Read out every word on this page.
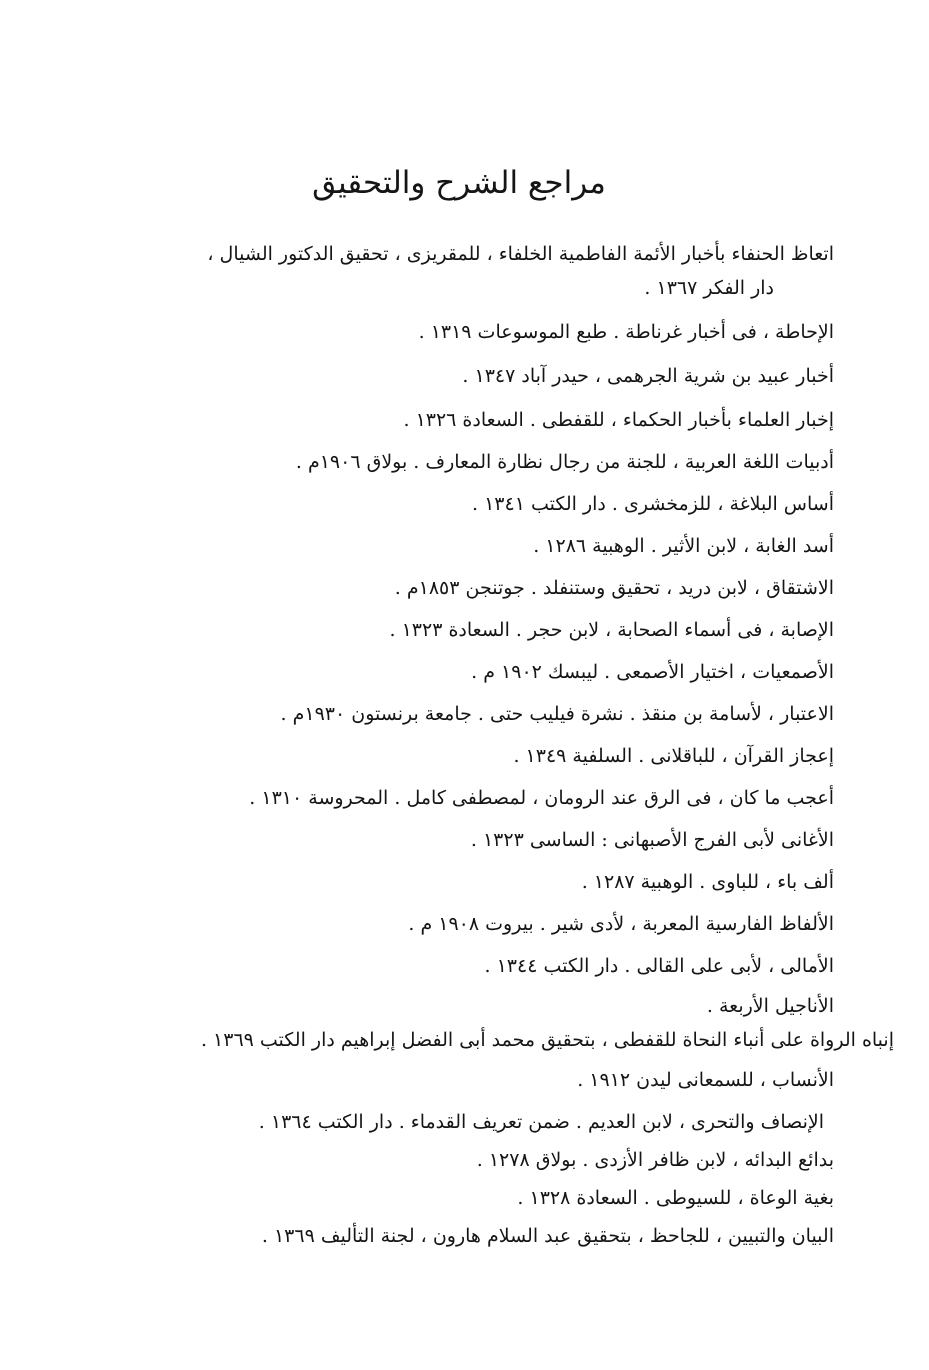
مراجع الشرح والتحقيق
اتعاظ الحنفاء بأخبار الأئمة الفاطمية الخلفاء ، للمقريزى ، تحقيق الدكتور الشيال ،
دار الفكر ١٣٦٧ .
الإحاطة ، فى أخبار غرناطة . طبع الموسوعات ١٣١٩ .
أخبار عبيد بن شرية الجرهمى ، حيدر آباد ١٣٤٧ .
إخبار العلماء بأخبار الحكماء ، للقفطى . السعادة ١٣٢٦ .
أدبيات اللغة العربية ، للجنة من رجال نظارة المعارف . بولاق ١٩٠٦م .
أساس البلاغة ، للزمخشرى . دار الكتب ١٣٤١ .
أسد الغابة ، لابن الأثير . الوهبية ١٢٨٦ .
الاشتقاق ، لابن دريد ، تحقيق وستنفلد . جوتنجن ١٨٥٣م .
الإصابة ، فى أسماء الصحابة ، لابن حجر . السعادة ١٣٢٣ .
الأصمعيات ، اختيار الأصمعى . ليبسك ١٩٠٢ م .
الاعتبار ، لأسامة بن منقذ . نشرة فيليب حتى . جامعة برنستون ١٩٣٠م .
إعجاز القرآن ، للباقلانى . السلفية ١٣٤٩ .
أعجب ما كان ، فى الرق عند الرومان ، لمصطفى كامل . المحروسة ١٣١٠ .
الأغانى لأبى الفرج الأصبهانى : الساسى ١٣٢٣ .
ألف باء ، للباوى . الوهبية ١٢٨٧ .
الألفاظ الفارسية المعربة ، لأدى شير . بيروت ١٩٠٨ م .
الأمالى ، لأبى على القالى . دار الكتب ١٣٤٤ .
الأناجيل الأربعة .
إنباه الرواة على أنباء النحاة للقفطى ، بتحقيق محمد أبى الفضل إبراهيم دار الكتب ١٣٦٩ .
الأنساب ، للسمعانى ليدن ١٩١٢ .
الإنصاف والتحرى ، لابن العديم . ضمن تعريف القدماء . دار الكتب ١٣٦٤ .
بدائع البدائه ، لابن ظافر الأزدى . بولاق ١٢٧٨ .
بغية الوعاة ، للسيوطى . السعادة ١٣٢٨ .
البيان والتبيين ، للجاحظ ، بتحقيق عبد السلام هارون ، لجنة التأليف ١٣٦٩ .
